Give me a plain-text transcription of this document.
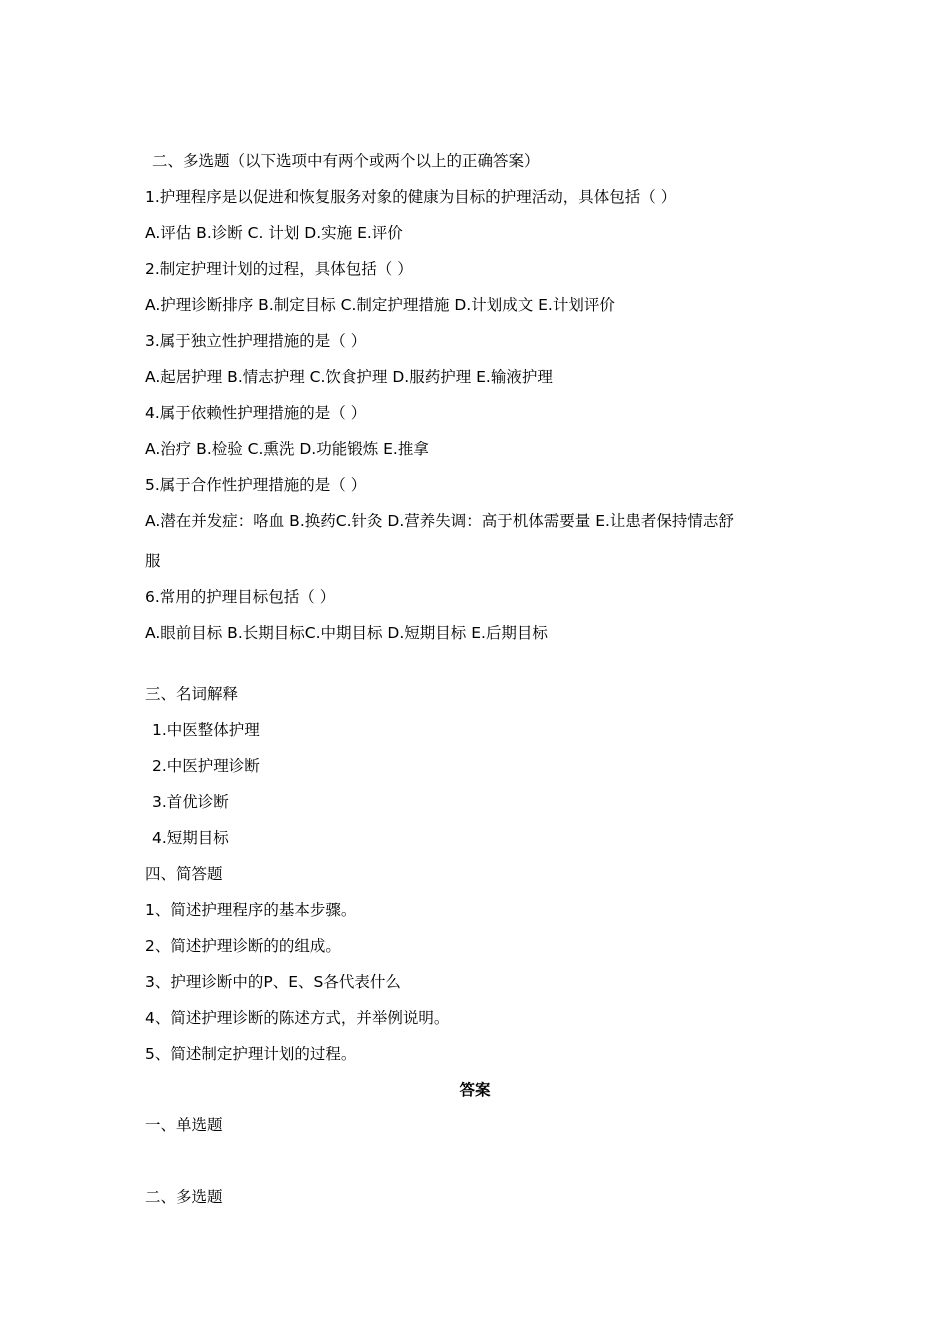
二、多选题（以下选项中有两个或两个以上的正确答案）
1.护理程序是以促进和恢复服务对象的健康为目标的护理活动，具体包括（ ）
A.评估 B.诊断 C. 计划 D.实施 E.评价
2.制定护理计划的过程，具体包括（ ）
A.护理诊断排序 B.制定目标 C.制定护理措施 D.计划成文 E.计划评价
3.属于独立性护理措施的是（ ）
A.起居护理 B.情志护理 C.饮食护理 D.服药护理 E.输液护理
4.属于依赖性护理措施的是（ ）
A.治疗 B.检验 C.熏洗 D.功能锻炼 E.推拿
5.属于合作性护理措施的是（ ）
A.潜在并发症：咯血 B.换药C.针灸 D.营养失调：高于机体需要量 E.让患者保持情志舒
服
6.常用的护理目标包括（ ）
A.眼前目标 B.长期目标C.中期目标 D.短期目标 E.后期目标
三、名词解释
1.中医整体护理
2.中医护理诊断
3.首优诊断
4.短期目标
四、简答题
1、简述护理程序的基本步骤。
2、简述护理诊断的的组成。
3、护理诊断中的P、E、S各代表什么
4、简述护理诊断的陈述方式，并举例说明。
5、简述制定护理计划的过程。
答案
一、单选题
二、多选题
